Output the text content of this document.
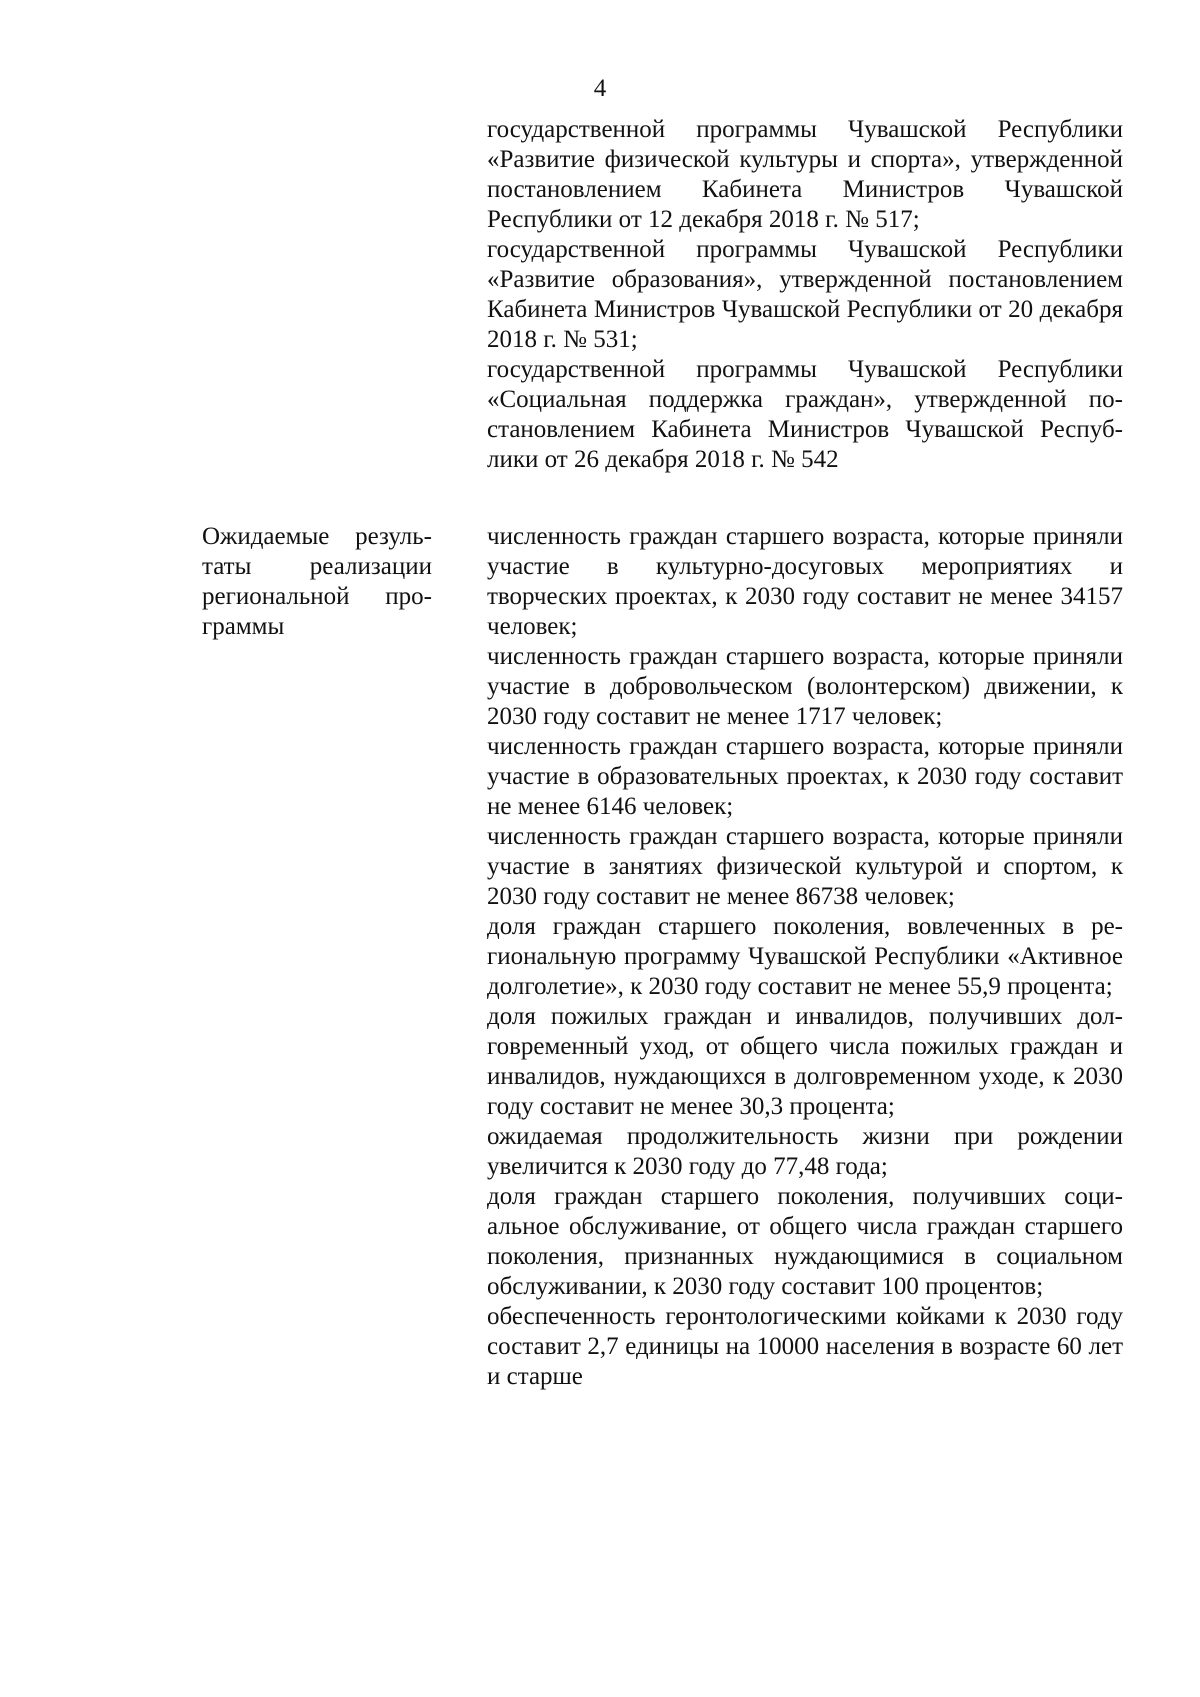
4

государственной программы Чувашской Республики «Развитие физической культуры и спорта», утвержденной постановлением Кабинета Министров Чувашской Республики от 12 декабря 2018 г. № 517;

государственной программы Чувашской Республики «Развитие образования», утвержденной постановлением Кабинета Министров Чувашской Республики от 20 декабря 2018 г. № 531;

государственной программы Чувашской Республики «Социальная поддержка граждан», утвержденной постановлением Кабинета Министров Чувашской Республики от 26 декабря 2018 г. № 542

Ожидаемые результаты реализации региональной программы

численность граждан старшего возраста, которые приняли участие в культурно-досуговых мероприятиях и творческих проектах, к 2030 году составит не менее 34157 человек;

численность граждан старшего возраста, которые приняли участие в добровольческом (волонтерском) движении, к 2030 году составит не менее 1717 человек;

численность граждан старшего возраста, которые приняли участие в образовательных проектах, к 2030 году составит не менее 6146 человек;

численность граждан старшего возраста, которые приняли участие в занятиях физической культурой и спортом, к 2030 году составит не менее 86738 человек;

доля граждан старшего поколения, вовлеченных в региональную программу Чувашской Республики «Активное долголетие», к 2030 году составит не менее 55,9 процента;

доля пожилых граждан и инвалидов, получивших долговременный уход, от общего числа пожилых граждан и инвалидов, нуждающихся в долговременном уходе, к 2030 году составит не менее 30,3 процента;

ожидаемая продолжительность жизни при рождении увеличится к 2030 году до 77,48 года;

доля граждан старшего поколения, получивших социальное обслуживание, от общего числа граждан старшего поколения, признанных нуждающимися в социальном обслуживании, к 2030 году составит 100 процентов;

обеспеченность геронтологическими койками к 2030 году составит 2,7 единицы на 10000 населения в возрасте 60 лет и старше
